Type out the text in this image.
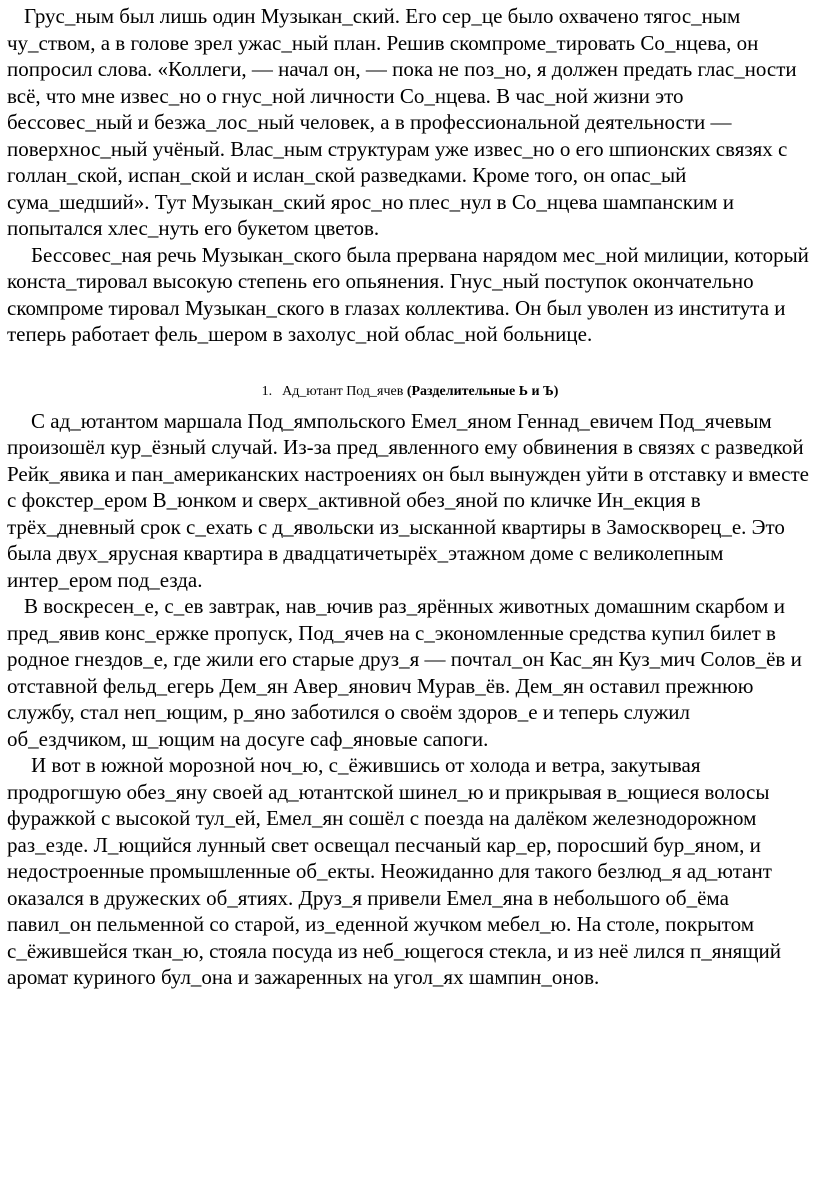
Грус_ным был лишь один Музыкан_ский. Его сер_це было охвачено тягос_ным чу_ством, а в голове зрел ужас_ный план. Решив скомпроме_тировать Со_нцева, он попросил слова. «Коллеги, — начал он, — пока не поз_но, я должен предать глас_ности всё, что мне извес_но о гнус_ной личности Со_нцева. В час_ной жизни это бессовес_ный и безжа_лос_ный человек, а в профессиональной деятельности — поверхнос_ный учёный. Влас_ным структурам уже извес_но о его шпионских связях с голлан_ской, испан_ской и ислан_ской разведками. Кроме того, он опас_ый сума_шедший». Тут Музыкан_ский ярос_но плес_нул в Со_нцева шампанским и попытался хлес_нуть его букетом цветов.

Бессовес_ная речь Музыкан_ского была прервана нарядом мес_ной милиции, который конста_тировал высокую степень его опьянения. Гнус_ный поступок окончательно скомпроме тировал Музыкан_ского в глазах коллектива. Он был уволен из института и теперь работает фель_шером в захолус_ной облас_ной больнице.

1. Ад_ютант Под_ячев (Разделительные Ь и Ъ)

С ад_ютантом маршала Под_ямпольского Емел_яном Геннад_евичем Под_ячевым произошёл кур_ёзный случай. Из-за пред_явленного ему обвинения в связях с разведкой Рейк_явика и пан_американских настроениях он был вынужден уйти в отставку и вместе с фокстер_ером В_юнком и сверх_активной обез_яной по кличке Ин_екция в трёх_дневный срок с_ехать с д_явольски из_ысканной квартиры в Замоскворец_е. Это была двух_ярусная квартира в двадцатичетырёх_этажном доме с великолепным интер_ером под_езда.

В воскресен_е, с_ев завтрак, нав_ючив раз_ярённых животных домашним скарбом и пред_явив конс_ержке пропуск, Под_ячев на с_экономленные средства купил билет в родное гнездов_е, где жили его старые друз_я — почтал_он Кас_ян Куз_мич Солов_ёв и отставной фельд_егерь Дем_ян Авер_янович Мурав_ёв. Дем_ян оставил прежнюю службу, стал неп_ющим, р_яно заботился о своём здоров_е и теперь служил об_ездчиком, ш_ющим на досуге саф_яновые сапоги.

И вот в южной морозной ноч_ю, с_ёжившись от холода и ветра, закутывая продрогшую обез_яну своей ад_ютантской шинел_ю и прикрывая в_ющиеся волосы фуражкой с высокой тул_ей, Емел_ян сошёл с поезда на далёком железнодорожном раз_езде. Л_ющийся лунный свет освещал песчаный кар_ер, поросший бур_яном, и недостроенные промышленные об_екты. Неожиданно для такого безлюд_я ад_ютант оказался в дружеских об_ятиях. Друз_я привели Емел_яна в небольшого об_ёма павил_он пельменной со старой, из_еденной жучком мебел_ю. На столе, покрытом с_ёжившейся ткан_ю, стояла посуда из неб_ющегося стекла, и из неё лился п_янящий аромат куриного бул_она и зажаренных на угол_ях шампин_онов.
